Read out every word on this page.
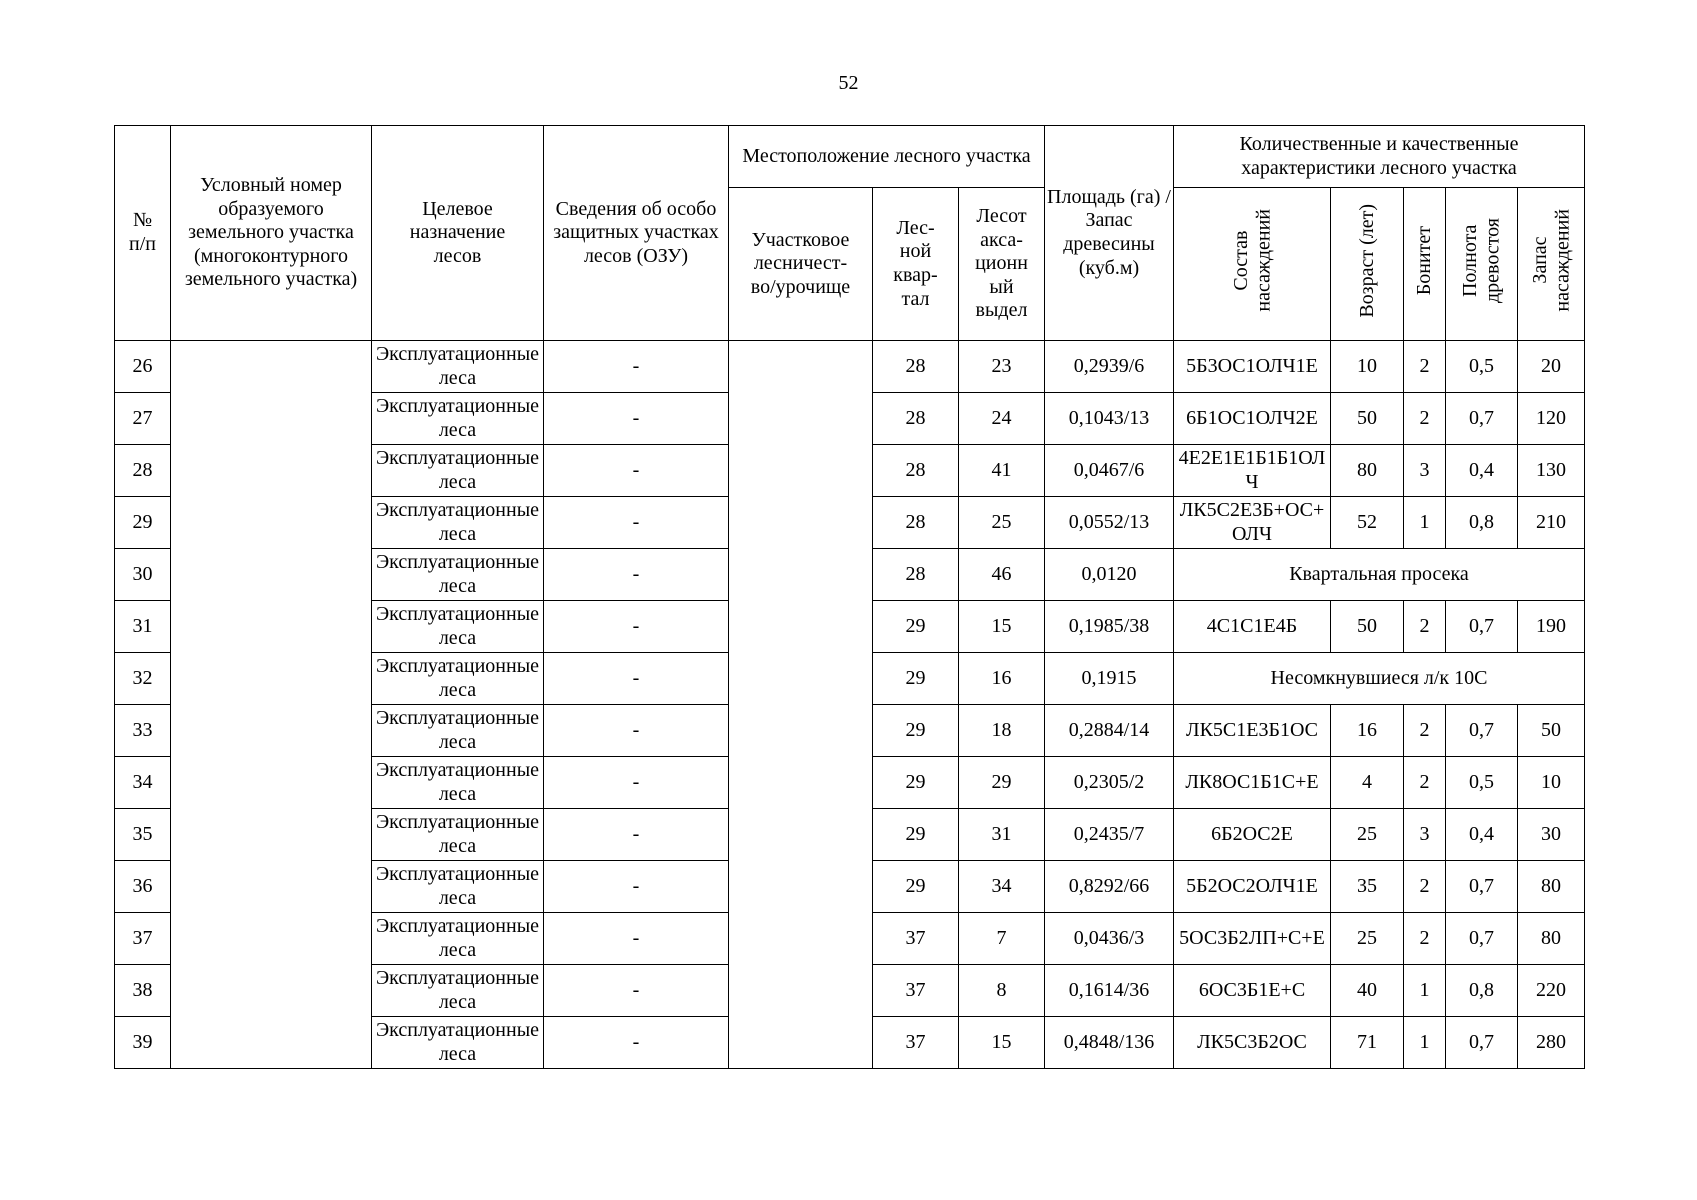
52
№
п/п	Условный номер образуемого земельного участка (многоконтурного земельного участка)	Целевое
назначение
лесов	Сведения об особо защитных участках лесов (ОЗУ)	Местоположение лесного участка			Площадь (га) / Запас древесины (куб.м)	Количественные и качественные характеристики лесного участка				

				Участковое
лесничест-
во/урочище	Лес-
ной
квар-
тал	Лесот
акса-
ционн
ый
выдел		Состав
насаждений	Возраст (лет)	Бонитет	Полнота
древостоя	Запас
насаждений
26		Эксплуатационные леса	-		28	23	0,2939/6	5Б3ОС1ОЛЧ1Е	10	2	0,5	20
27		Эксплуатационные леса	-		28	24	0,1043/13	6Б1ОС1ОЛЧ2Е	50	2	0,7	120
28		Эксплуатационные леса	-		28	41	0,0467/6	4Е2Е1Е1Б1Б1ОЛЧ	80	3	0,4	130
29		Эксплуатационные леса	-		28	25	0,0552/13	ЛК5С2Е3Б+ОС+ОЛЧ	52	1	0,8	210
30		Эксплуатационные леса	-		28	46	0,0120	Квартальная просека				
31		Эксплуатационные леса	-		29	15	0,1985/38	4С1С1Е4Б	50	2	0,7	190
32		Эксплуатационные леса	-		29	16	0,1915	Несомкнувшиеся л/к 10С				
33		Эксплуатационные леса	-		29	18	0,2884/14	ЛК5С1Е3Б1ОС	16	2	0,7	50
34		Эксплуатационные леса	-		29	29	0,2305/2	ЛК8ОС1Б1С+Е	4	2	0,5	10
35		Эксплуатационные леса	-		29	31	0,2435/7	6Б2ОС2Е	25	3	0,4	30
36		Эксплуатационные леса	-		29	34	0,8292/66	5Б2ОС2ОЛЧ1Е	35	2	0,7	80
37		Эксплуатационные леса	-		37	7	0,0436/3	5ОС3Б2ЛП+С+Е	25	2	0,7	80
38		Эксплуатационные леса	-		37	8	0,1614/36	6ОС3Б1Е+С	40	1	0,8	220
39		Эксплуатационные леса	-		37	15	0,4848/136	ЛК5С3Б2ОС	71	1	0,7	280
